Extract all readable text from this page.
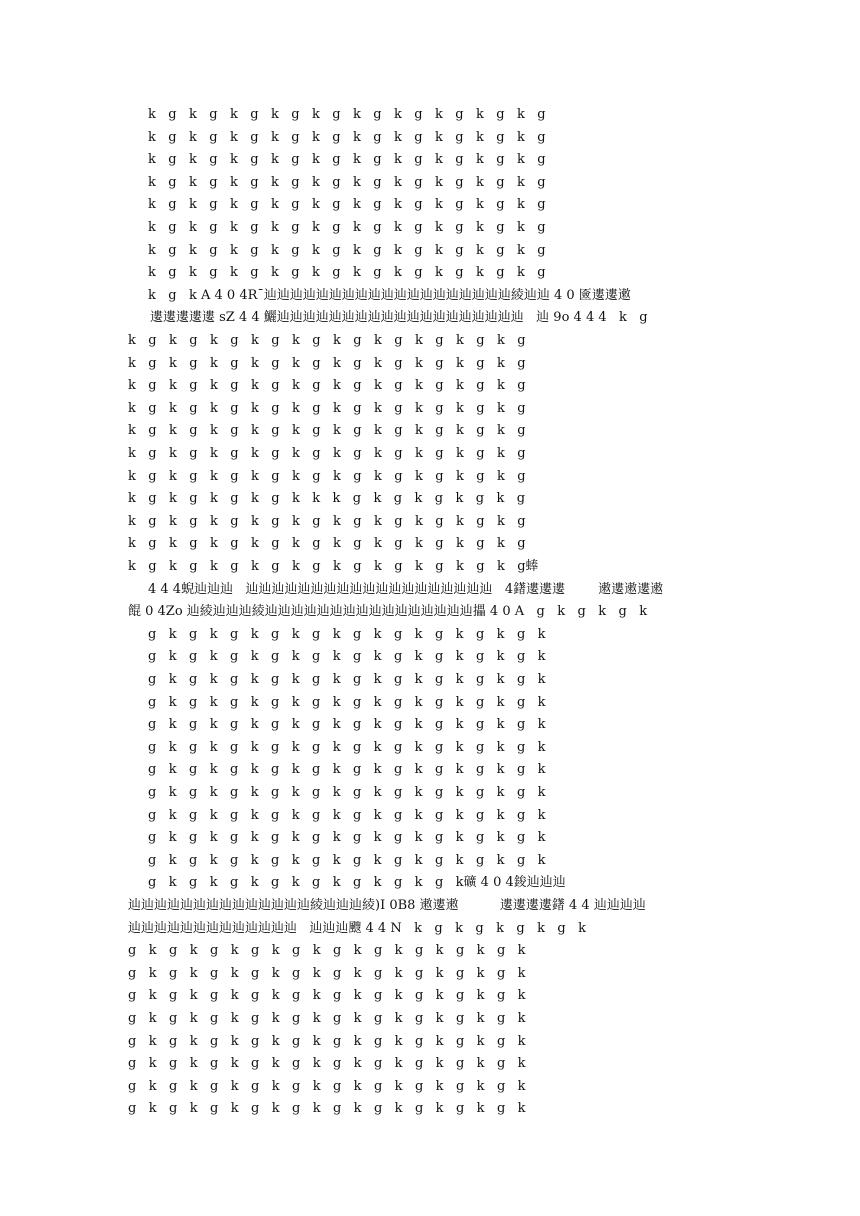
k   g   k   g   k   g   k   g   k   g   k   g   k   g   k   g   k   g   k   g
k   g   k   g   k   g   k   g   k   g   k   g   k   g   k   g   k   g   k   g
k   g   k   g   k   g   k   g   k   g   k   g   k   g   k   g   k   g   k   g
k   g   k   g   k   g   k   g   k   g   k   g   k   g   k   g   k   g   k   g
k   g   k   g   k   g   k   g   k   g   k   g   k   g   k   g   k   g   k   g
k   g   k   g   k   g   k   g   k   g   k   g   k   g   k   g   k   g   k   g
k   g   k   g   k   g   k   g   k   g   k   g   k   g   k   g   k   g   k   g
k   g   k   g   k   g   k   g   k   g   k   g   k   g   k   g   k   g   k   g
k   g   k A 4 0 4Rˉ辿辿辿辿辿辿辿辿辿辿辿辿辿辿辿辿辿辿辿綾辿辿 4 0 匳遱遱遫
遱遱遱遱遱 sZ 4 4 鱺辿辿辿辿辿辿辿辿辿辿辿辿辿辿辿辿辿辿辿   辿 9o 4 4 4   k   g
k   g   k   g   k   g   k   g   k   g   k   g   k   g   k   g   k   g   k   g
k   g   k   g   k   g   k   g   k   g   k   g   k   g   k   g   k   g   k   g
k   g   k   g   k   g   k   g   k   g   k   g   k   g   k   g   k   g   k   g
k   g   k   g   k   g   k   g   k   g   k   g   k   g   k   g   k   g   k   g
k   g   k   g   k   g   k   g   k   g   k   g   k   g   k   g   k   g   k   g
k   g   k   g   k   g   k   g   k   g   k   g   k   g   k   g   k   g   k   g
k   g   k   g   k   g   k   g   k   g   k   g   k   g   k   g   k   g   k   g
k   g   k   g   k   g   k   g   k   k   k   g   k   g   k   g   k   g   k   g
k   g   k   g   k   g   k   g   k   g   k   g   k   g   k   g   k   g   k   g
k   g   k   g   k   g   k   g   k   g   k   g   k   g   k   g   k   g   k   g
k   g   k   g   k   g   k   g   k   g   k   g   k   g   k   g   k   g   k   g蜯
4 4 4蜺辿辿辿   辿辿辿辿辿辿辿辿辿辿辿辿辿辿辿辿辿辿辿   4鐯遱遱遱        遫遱遫遱遫
餛 0 4Zo 辿綾辿辿辿綾辿辿辿辿辿辿辿辿辿辿辿辿辿辿辿辿攂 4 0 A   g   k   g   k   g   k
g   k   g   k   g   k   g   k   g   k   g   k   g   k   g   k   g   k   g   k
g   k   g   k   g   k   g   k   g   k   g   k   g   k   g   k   g   k   g   k
g   k   g   k   g   k   g   k   g   k   g   k   g   k   g   k   g   k   g   k
g   k   g   k   g   k   g   k   g   k   g   k   g   k   g   k   g   k   g   k
g   k   g   k   g   k   g   k   g   k   g   k   g   k   g   k   g   k   g   k
g   k   g   k   g   k   g   k   g   k   g   k   g   k   g   k   g   k   g   k
g   k   g   k   g   k   g   k   g   k   g   k   g   k   g   k   g   k   g   k
g   k   g   k   g   k   g   k   g   k   g   k   g   k   g   k   g   k   g   k
g   k   g   k   g   k   g   k   g   k   g   k   g   k   g   k   g   k   g   k
g   k   g   k   g   k   g   k   g   k   g   k   g   k   g   k   g   k   g   k
g   k   g   k   g   k   g   k   g   k   g   k   g   k   g   k   g   k   g   k
g   k   g   k   g   k   g   k   g   k   g   k   g   k   g   k礦 4 0 4鋑辿辿辿
辿辿辿辿辿辿辿辿辿辿辿辿辿辿綾辿辿辿綾)I 0B8 遫遱遫          遱遱遱遱鐯 4 4 辿辿辿辿
辿辿辿辿辿辿辿辿辿辿辿辿辿   辿辿辿颼 4 4 N   k   g   k   g   k   g   k   g   k
g   k   g   k   g   k   g   k   g   k   g   k   g   k   g   k   g   k   g   k
g   k   g   k   g   k   g   k   g   k   g   k   g   k   g   k   g   k   g   k
g   k   g   k   g   k   g   k   g   k   g   k   g   k   g   k   g   k   g   k
g   k   g   k   g   k   g   k   g   k   g   k   g   k   g   k   g   k   g   k
g   k   g   k   g   k   g   k   g   k   g   k   g   k   g   k   g   k   g   k
g   k   g   k   g   k   g   k   g   k   g   k   g   k   g   k   g   k   g   k
g   k   g   k   g   k   g   k   g   k   g   k   g   k   g   k   g   k   g   k
g   k   g   k   g   k   g   k   g   k   g   k   g   k   g   k   g   k   g   k
